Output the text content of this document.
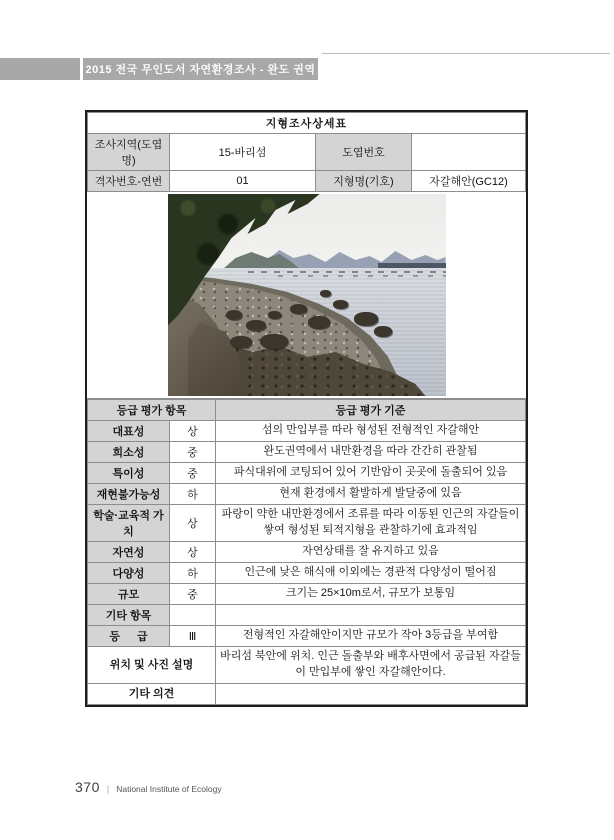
2015 전국 무인도서 자연환경조사 - 완도 권역
지형조사상세표			
조사지역(도엽명)	15-바리섬	도엽번호	
격자번호-연번	01	지형명(기호)	자갈해안(GC12)
등급 평가 항목		등급 평가 기준
대표성	상	섬의 만입부를 따라 형성된 전형적인 자갈해안
희소성	중	완도권역에서 내만환경을 따라 간간히 관찰됨
특이성	중	파식대위에 코팅되어 있어 기반암이 곳곳에 돌출되어 있음
재현불가능성	하	현재 환경에서 활발하게 발달중에 있음
학술·교육적 가치	상	파랑이 약한 내만환경에서 조류를 따라 이동된 인근의 자갈들이 쌓여 형성된 퇴적지형을 관찰하기에 효과적임
자연성	상	자연상태를 잘 유지하고 있음
다양성	하	인근에 낮은 해식애 이외에는 경관적 다양성이 떨어짐
규모	중	크기는 25×10m로서, 규모가 보통임
기타 항목		
등 급	Ⅲ	전형적인 자갈해안이지만 규모가 작아 3등급을 부여함
위치 및 사진 설명		바리섬 북안에 위치. 인근 돌출부와 배후사면에서 공급된 자갈들이 만입부에 쌓인 자갈해안이다.
기타 의견		
370 | National Institute of Ecology
